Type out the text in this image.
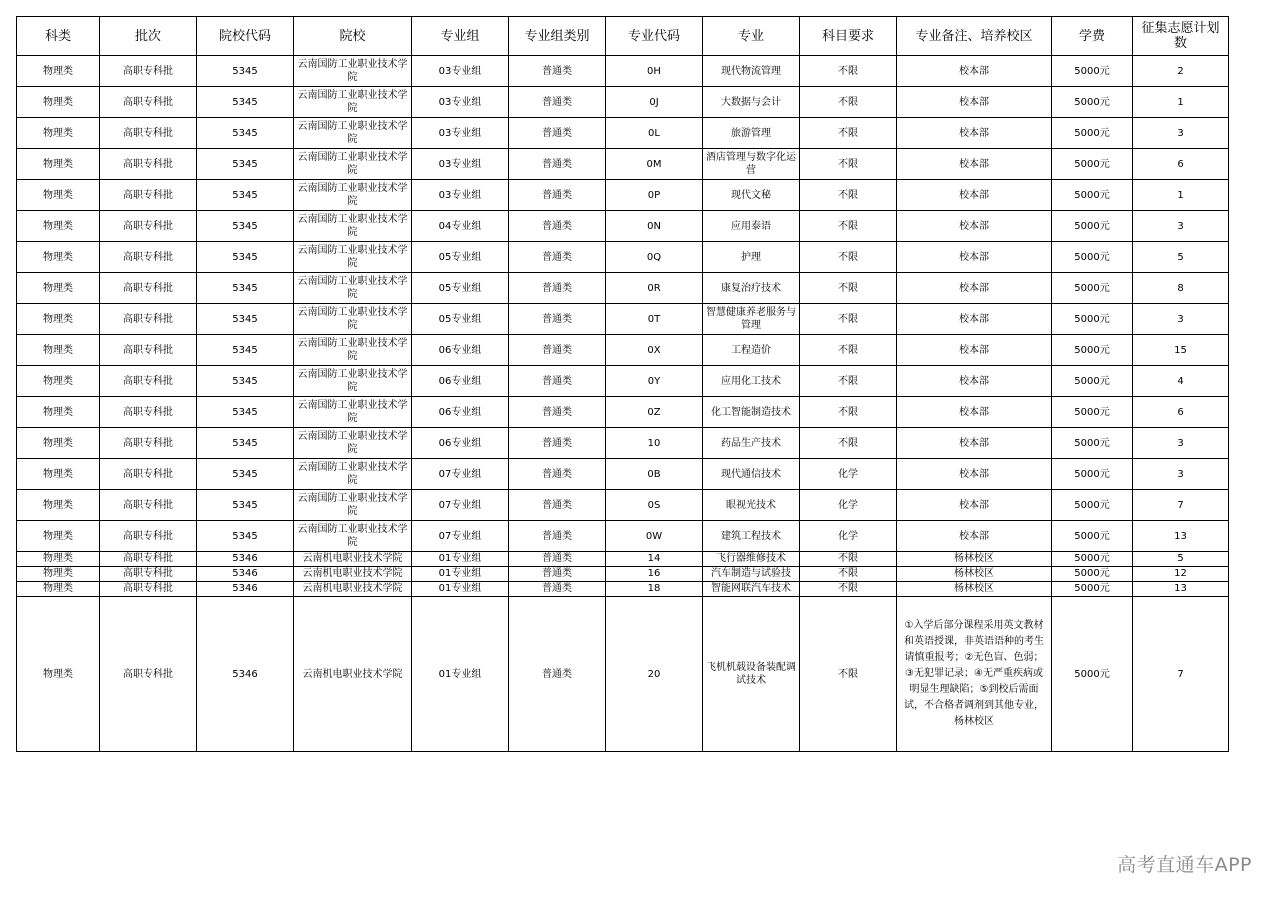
科类	批次	院校代码	院校	专业组	专业组类别	专业代码	专业	科目要求	专业备注、培养校区	学费	征集志愿计划数
物理类	高职专科批	5345	云南国防工业职业技术学院	03专业组	普通类	0H	现代物流管理	不限	校本部	5000元	2
物理类	高职专科批	5345	云南国防工业职业技术学院	03专业组	普通类	0J	大数据与会计	不限	校本部	5000元	1
物理类	高职专科批	5345	云南国防工业职业技术学院	03专业组	普通类	0L	旅游管理	不限	校本部	5000元	3
物理类	高职专科批	5345	云南国防工业职业技术学院	03专业组	普通类	0M	酒店管理与数字化运营	不限	校本部	5000元	6
物理类	高职专科批	5345	云南国防工业职业技术学院	03专业组	普通类	0P	现代文秘	不限	校本部	5000元	1
物理类	高职专科批	5345	云南国防工业职业技术学院	04专业组	普通类	0N	应用泰语	不限	校本部	5000元	3
物理类	高职专科批	5345	云南国防工业职业技术学院	05专业组	普通类	0Q	护理	不限	校本部	5000元	5
物理类	高职专科批	5345	云南国防工业职业技术学院	05专业组	普通类	0R	康复治疗技术	不限	校本部	5000元	8
物理类	高职专科批	5345	云南国防工业职业技术学院	05专业组	普通类	0T	智慧健康养老服务与管理	不限	校本部	5000元	3
物理类	高职专科批	5345	云南国防工业职业技术学院	06专业组	普通类	0X	工程造价	不限	校本部	5000元	15
物理类	高职专科批	5345	云南国防工业职业技术学院	06专业组	普通类	0Y	应用化工技术	不限	校本部	5000元	4
物理类	高职专科批	5345	云南国防工业职业技术学院	06专业组	普通类	0Z	化工智能制造技术	不限	校本部	5000元	6
物理类	高职专科批	5345	云南国防工业职业技术学院	06专业组	普通类	10	药品生产技术	不限	校本部	5000元	3
物理类	高职专科批	5345	云南国防工业职业技术学院	07专业组	普通类	0B	现代通信技术	化学	校本部	5000元	3
物理类	高职专科批	5345	云南国防工业职业技术学院	07专业组	普通类	0S	眼视光技术	化学	校本部	5000元	7
物理类	高职专科批	5345	云南国防工业职业技术学院	07专业组	普通类	0W	建筑工程技术	化学	校本部	5000元	13
物理类	高职专科批	5346	云南机电职业技术学院	01专业组	普通类	14	飞行器维修技术	不限	杨林校区	5000元	5
物理类	高职专科批	5346	云南机电职业技术学院	01专业组	普通类	16	汽车制造与试验技	不限	杨林校区	5000元	12
物理类	高职专科批	5346	云南机电职业技术学院	01专业组	普通类	18	智能网联汽车技术	不限	杨林校区	5000元	13
物理类	高职专科批	5346	云南机电职业技术学院	01专业组	普通类	20	飞机机载设备装配调试技术	不限	①入学后部分课程采用英文教材和英语授课，非英语语种的考生请慎重报考；②无色盲、色弱；③无犯罪记录；④无严重疾病或明显生理缺陷；⑤到校后需面试，不合格者调剂到其他专业，杨林校区	5000元	7
高考直通车APP
